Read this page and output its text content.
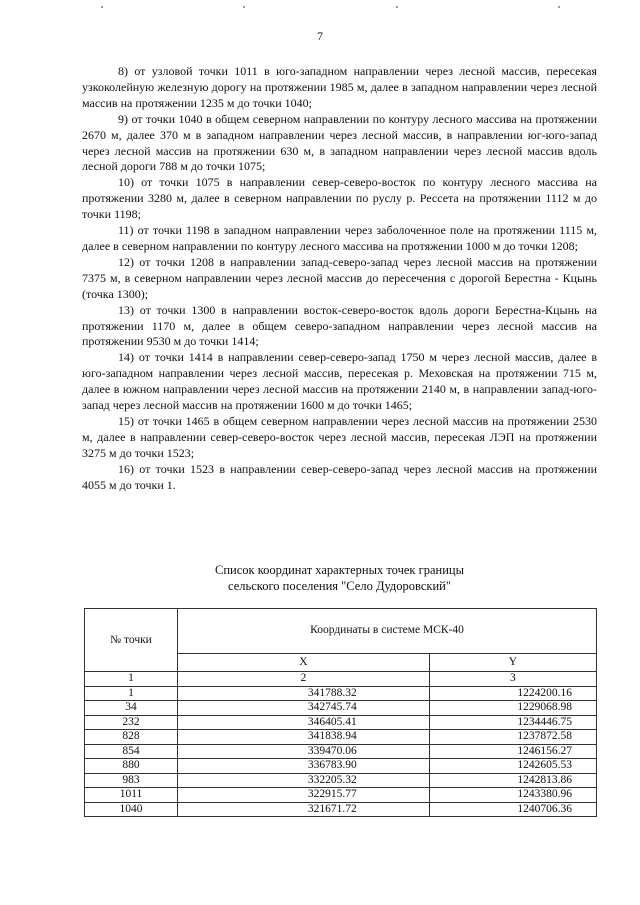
7

8) от узловой точки 1011 в юго-западном направлении через лесной массив, пересекая узкоколейную железную дорогу на протяжении 1985 м, далее в западном направлении через лесной массив на протяжении 1235 м до точки 1040;

9) от точки 1040 в общем северном направлении по контуру лесного массива на протяжении 2670 м, далее 370 м в западном направлении через лесной массив, в направлении юг-юго-запад через лесной массив на протяжении 630 м, в западном направлении через лесной массив вдоль лесной дороги 788 м до точки 1075;

10) от точки 1075 в направлении север-северо-восток по контуру лесного массива на протяжении 3280 м, далее в северном направлении по руслу р. Рессета на протяжении 1112 м до точки 1198;

11) от точки 1198 в западном направлении через заболоченное поле на протяжении 1115 м, далее в северном направлении по контуру лесного массива на протяжении 1000 м до точки 1208;

12) от точки 1208 в направлении запад-северо-запад через лесной массив на протяжении 7375 м, в северном направлении через лесной массив до пересечения с дорогой Берестна - Кцынь (точка 1300);

13) от точки 1300 в направлении восток-северо-восток вдоль дороги Берестна-Кцынь на протяжении 1170 м, далее в общем северо-западном направлении через лесной массив на протяжении 9530 м до точки 1414;

14) от точки 1414 в направлении север-северо-запад 1750 м через лесной массив, далее в юго-западном направлении через лесной массив, пересекая р. Меховская на протяжении 715 м, далее в южном направлении через лесной массив на протяжении 2140 м, в направлении запад-юго-запад через лесной массив на протяжении 1600 м до точки 1465;

15) от точки 1465 в общем северном направлении через лесной массив на протяжении 2530 м, далее в направлении север-северо-восток через лесной массив, пересекая ЛЭП на протяжении 3275 м до точки 1523;

16) от точки 1523 в направлении север-северо-запад через лесной массив на протяжении 4055 м до точки 1.

Список координат характерных точек границы
сельского поселения "Село Дудоровский"
№ точки	Координаты в системе МСК-40	
	X	Y
1	2	3
1	341788.32	1224200.16
34	342745.74	1229068.98
232	346405.41	1234446.75
828	341838.94	1237872.58
854	339470.06	1246156.27
880	336783.90	1242605.53
983	332205.32	1242813.86
1011	322915.77	1243380.96
1040	321671.72	1240706.36
